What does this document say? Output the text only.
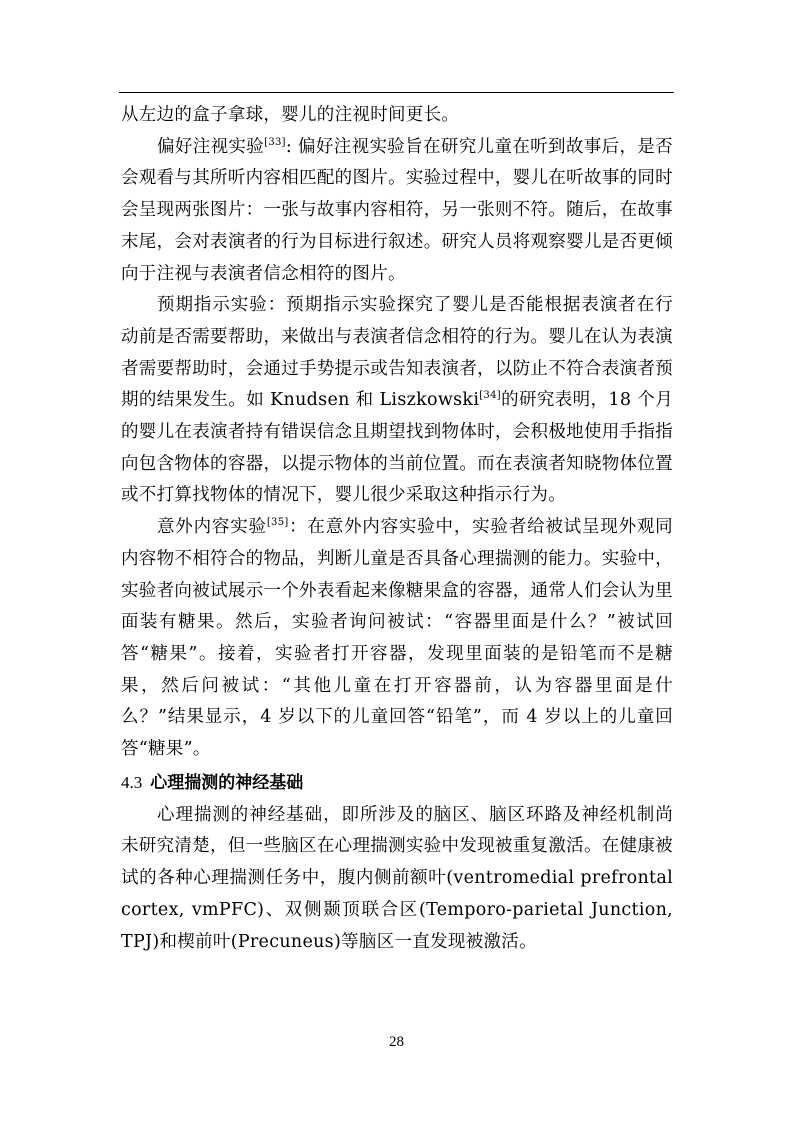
从左边的盒子拿球，婴儿的注视时间更长。

偏好注视实验[33]: 偏好注视实验旨在研究儿童在听到故事后，是否会观看与其所听内容相匹配的图片。实验过程中，婴儿在听故事的同时会呈现两张图片：一张与故事内容相符，另一张则不符。随后，在故事末尾，会对表演者的行为目标进行叙述。研究人员将观察婴儿是否更倾向于注视与表演者信念相符的图片。

预期指示实验：预期指示实验探究了婴儿是否能根据表演者在行动前是否需要帮助，来做出与表演者信念相符的行为。婴儿在认为表演者需要帮助时，会通过手势提示或告知表演者，以防止不符合表演者预期的结果发生。如 Knudsen 和 Liszkowski[34]的研究表明，18 个月的婴儿在表演者持有错误信念且期望找到物体时，会积极地使用手指指向包含物体的容器，以提示物体的当前位置。而在表演者知晓物体位置或不打算找物体的情况下，婴儿很少采取这种指示行为。

意外内容实验[35]：在意外内容实验中，实验者给被试呈现外观同内容物不相符合的物品，判断儿童是否具备心理揣测的能力。实验中，实验者向被试展示一个外表看起来像糖果盒的容器，通常人们会认为里面装有糖果。然后，实验者询问被试：“容器里面是什么？”被试回答“糖果”。接着，实验者打开容器，发现里面装的是铅笔而不是糖果，然后问被试：“其他儿童在打开容器前，认为容器里面是什么？”结果显示，4 岁以下的儿童回答“铅笔”，而 4 岁以上的儿童回答“糖果”。

4.3 心理揣测的神经基础

心理揣测的神经基础，即所涉及的脑区、脑区环路及神经机制尚未研究清楚，但一些脑区在心理揣测实验中发现被重复激活。在健康被试的各种心理揣测任务中，腹内侧前额叶(ventromedial prefrontal cortex, vmPFC)、双侧颞顶联合区(Temporo-parietal Junction, TPJ)和楔前叶(Precuneus)等脑区一直发现被激活。

28
